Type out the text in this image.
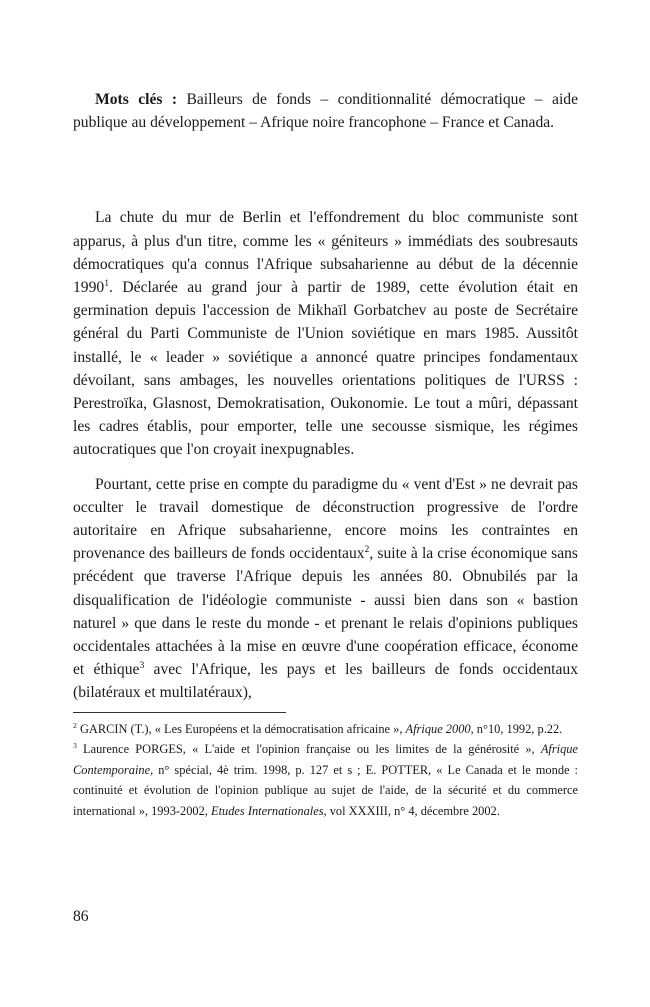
Mots clés : Bailleurs de fonds – conditionnalité démocratique – aide publique au développement – Afrique noire francophone – France et Canada.

La chute du mur de Berlin et l'effondrement du bloc communiste sont apparus, à plus d'un titre, comme les « géniteurs » immédiats des soubresauts démocratiques qu'a connus l'Afrique subsaharienne au début de la décennie 1990$^1$. Déclarée au grand jour à partir de 1989, cette évolution était en germination depuis l'accession de Mikhaïl Gorbatchev au poste de Secrétaire général du Parti Communiste de l'Union soviétique en mars 1985. Aussitôt installé, le « leader » soviétique a annoncé quatre principes fondamentaux dévoilant, sans ambages, les nouvelles orientations politiques de l'URSS : Perestroïka, Glasnost, Demokratisation, Oukonomie. Le tout a mûri, dépassant les cadres établis, pour emporter, telle une secousse sismique, les régimes autocratiques que l'on croyait inexpugnables.

Pourtant, cette prise en compte du paradigme du « vent d'Est » ne devrait pas occulter le travail domestique de déconstruction progressive de l'ordre autoritaire en Afrique subsaharienne, encore moins les contraintes en provenance des bailleurs de fonds occidentaux$^2$, suite à la crise économique sans précédent que traverse l'Afrique depuis les années 80. Obnubilés par la disqualification de l'idéologie communiste - aussi bien dans son « bastion naturel » que dans le reste du monde - et prenant le relais d'opinions publiques occidentales attachées à la mise en œuvre d'une coopération efficace, économe et éthique$^3$ avec l'Afrique, les pays et les bailleurs de fonds occidentaux (bilatéraux et multilatéraux),

$^2$ GARCIN (T.), « Les Européens et la démocratisation africaine », Afrique 2000, n°10, 1992, p.22.

$^3$ Laurence PORGES, « L'aide et l'opinion française ou les limites de la générosité », Afrique Contemporaine, n° spécial, 4è trim. 1998, p. 127 et s ; E. POTTER, « Le Canada et le monde : continuité et évolution de l'opinion publique au sujet de l'aide, de la sécurité et du commerce international », 1993-2002, Etudes Internationales, vol XXXIII, n° 4, décembre 2002.

86
